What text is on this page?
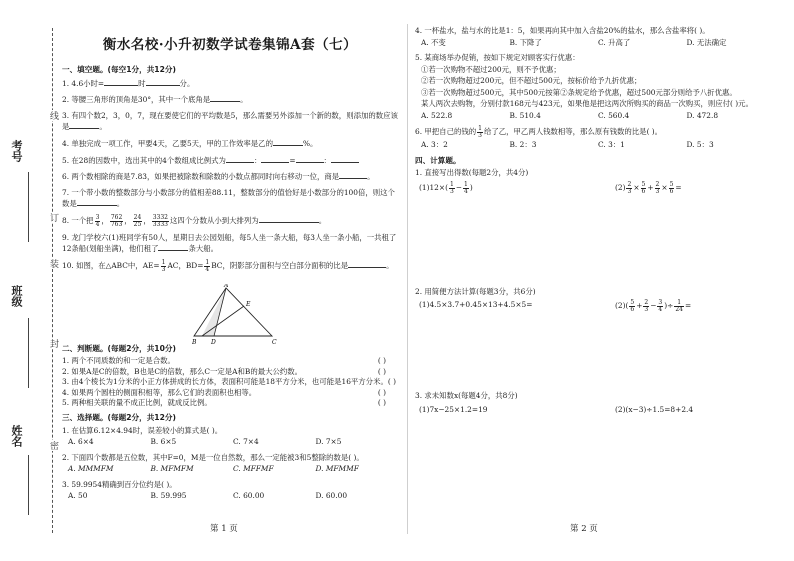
考号
班级
姓名
线
订
装
封
密
衡水名校·小升初数学试卷集锦A套（七）
一、填空题。(每空1分，共12分)
1. 4.6小时=	时	分。
2. 等腰三角形的顶角是30°，其中一个底角是	。
3. 有四个数2，3，0，7，现在要使它们的平均数是5，那么需要另外添加一个新的数，则添加的数应该是	。
4. 单独完成一项工作，甲要4天，乙要5天，甲的工作效率是乙的	%。
5. 在28的因数中，选出其中的4个数组成比例式为	：	=	：
6. 两个数相除的商是7.83，如果把被除数和除数的小数点都同时向右移动一位，商是	。
7. 一个带小数的整数部分与小数部分的值相差88.11，整数部分的值恰好是小数部分的100倍，则这个数是	。
8. 一个把 $\frac{3}{4}$ ， $\frac{762}{763}$ ， $\frac{24}{25}$ ， $\frac{3332}{3333}$ 这四个分数从小到大排列为	。
9. 龙门学校六(1)班同学有50人，星期日去公园划船，每5人坐一条大船，每3人坐一条小船，一共租了12条船(划船坐满)，他们租了	条大船。
10. 如图，在△ABC中，$AE= \frac{1}{3}$ AC，$BD= \frac{1}{4}$ BC，阴影部分面积与空白部分面积的比是	。
A
B	C
D
E
二、判断题。(每题2分，共10分)
1. 两个不同质数的和一定是合数。	( )
2. 如果A是C的倍数，B也是C的倍数，那么C一定是A和B的最大公约数。	( )
3. 由4个棱长为1分米的小正方体拼成的长方体，表面积可能是18平方分米，也可能是16平方分米。 ( )
4. 如果两个圆柱的侧面积相等，那么它们的表面积也相等。	( )
5. 两种相关联的量不成正比例，就成反比例。	( )
三、选择题。(每题2分，共12分)
1. 在估算6.12×4.94时，误差较小的算式是( )。
A. 6×4	B. 6×5	C. 7×4	D. 7×5
2. 下面四个数都是五位数，其中F=0，M是一位自然数，那么一定能被3和5整除的数是( )。
A. MMMFM	B. MFMFM	C. MFFMF	D. MFMMF
3. 59.9954精确到百分位约是( )。
A. 50	B. 59.995	C. 60.00	D. 60.00
第 1 页
4. 一杯盐水，盐与水的比是1：5，如果再向其中加入含盐20%的盐水，那么含盐率将( )。
A. 不变	B. 下降了	C. 升高了	D. 无法确定
5. 某商场举办促销，按如下规定对顾客实行优惠：
①若一次购物不超过200元，则不予优惠；
②若一次购物超过200元，但不超过500元，按标价给予九折优惠；
③若一次购物超过500元，其中500元按第②条规定给予优惠，超过500元部分则给予八折优惠。
某人两次去购物，分别付款168元与423元，如果他是把这两次所购买的商品一次购买，则应付( )元。
A. 522.8	B. 510.4	C. 560.4	D. 472.8
6. 甲把自己的钱的 $\frac{1}{3}$ 给了乙，甲乙两人钱数相等，那么原有钱数的比是( )。
A. 3：2	B. 2：3	C. 3：1	D. 5：3
四、计算题。
1. 直接写出得数(每题2分，共4分)
$(1)12\times( \frac{1}{3} - \frac{1}{4}$ )	$(2) \frac{2}{3} \times \frac{5}{6} + \frac{2}{3} \times \frac{5}{6}$ =
2. 用简便方法计算(每题3分，共6分)
(1)4.5×3.7+0.45×13+4.5×5=	$(2)( \frac{5}{6} + \frac{2}{3} - \frac{3}{4}$ )÷ $\frac{1}{24}$ =
3. 求未知数x(每题4分，共8分)
(1)7x−25×1.2=19	(2)(x−3)÷1.5=8+2.4
第 2 页
